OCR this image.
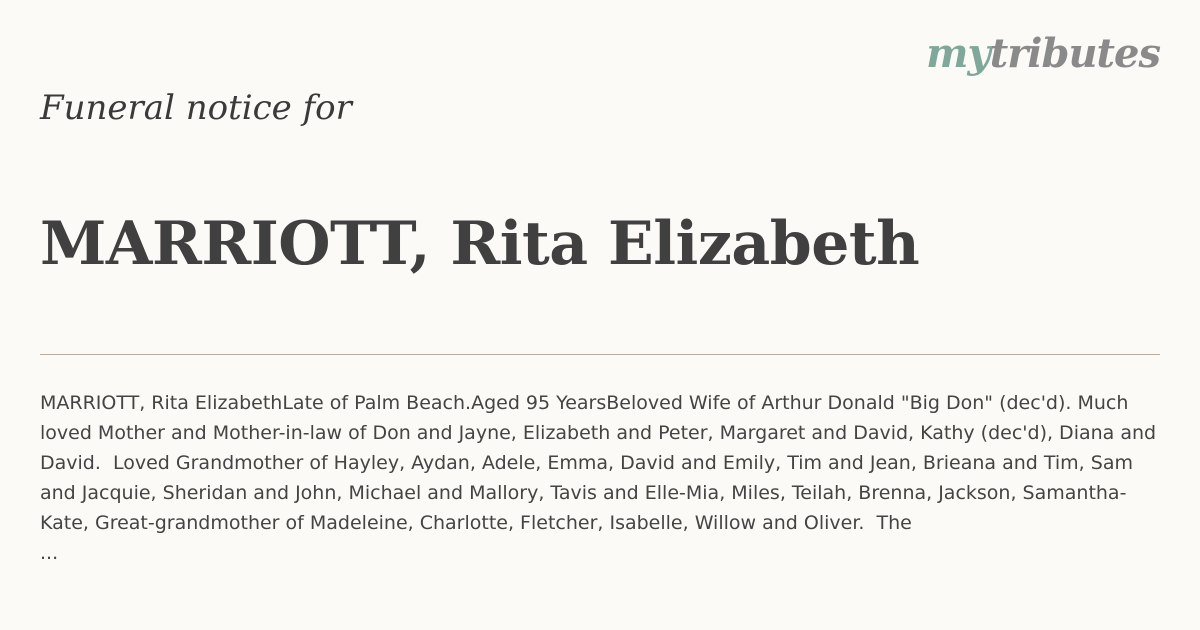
mytributes
Funeral notice for
MARRIOTT, Rita Elizabeth
MARRIOTT, Rita ElizabethLate of Palm Beach.Aged 95 YearsBeloved Wife of Arthur Donald "Big Don" (dec'd). Much loved Mother and Mother-in-law of Don and Jayne, Elizabeth and Peter, Margaret and David, Kathy (dec'd), Diana and David.  Loved Grandmother of Hayley, Aydan, Adele, Emma, David and Emily, Tim and Jean, Brieana and Tim, Sam and Jacquie, Sheridan and John, Michael and Mallory, Tavis and Elle-Mia, Miles, Teilah, Brenna, Jackson, Samantha-Kate, Great-grandmother of Madeleine, Charlotte, Fletcher, Isabelle, Willow and Oliver.  The
...
